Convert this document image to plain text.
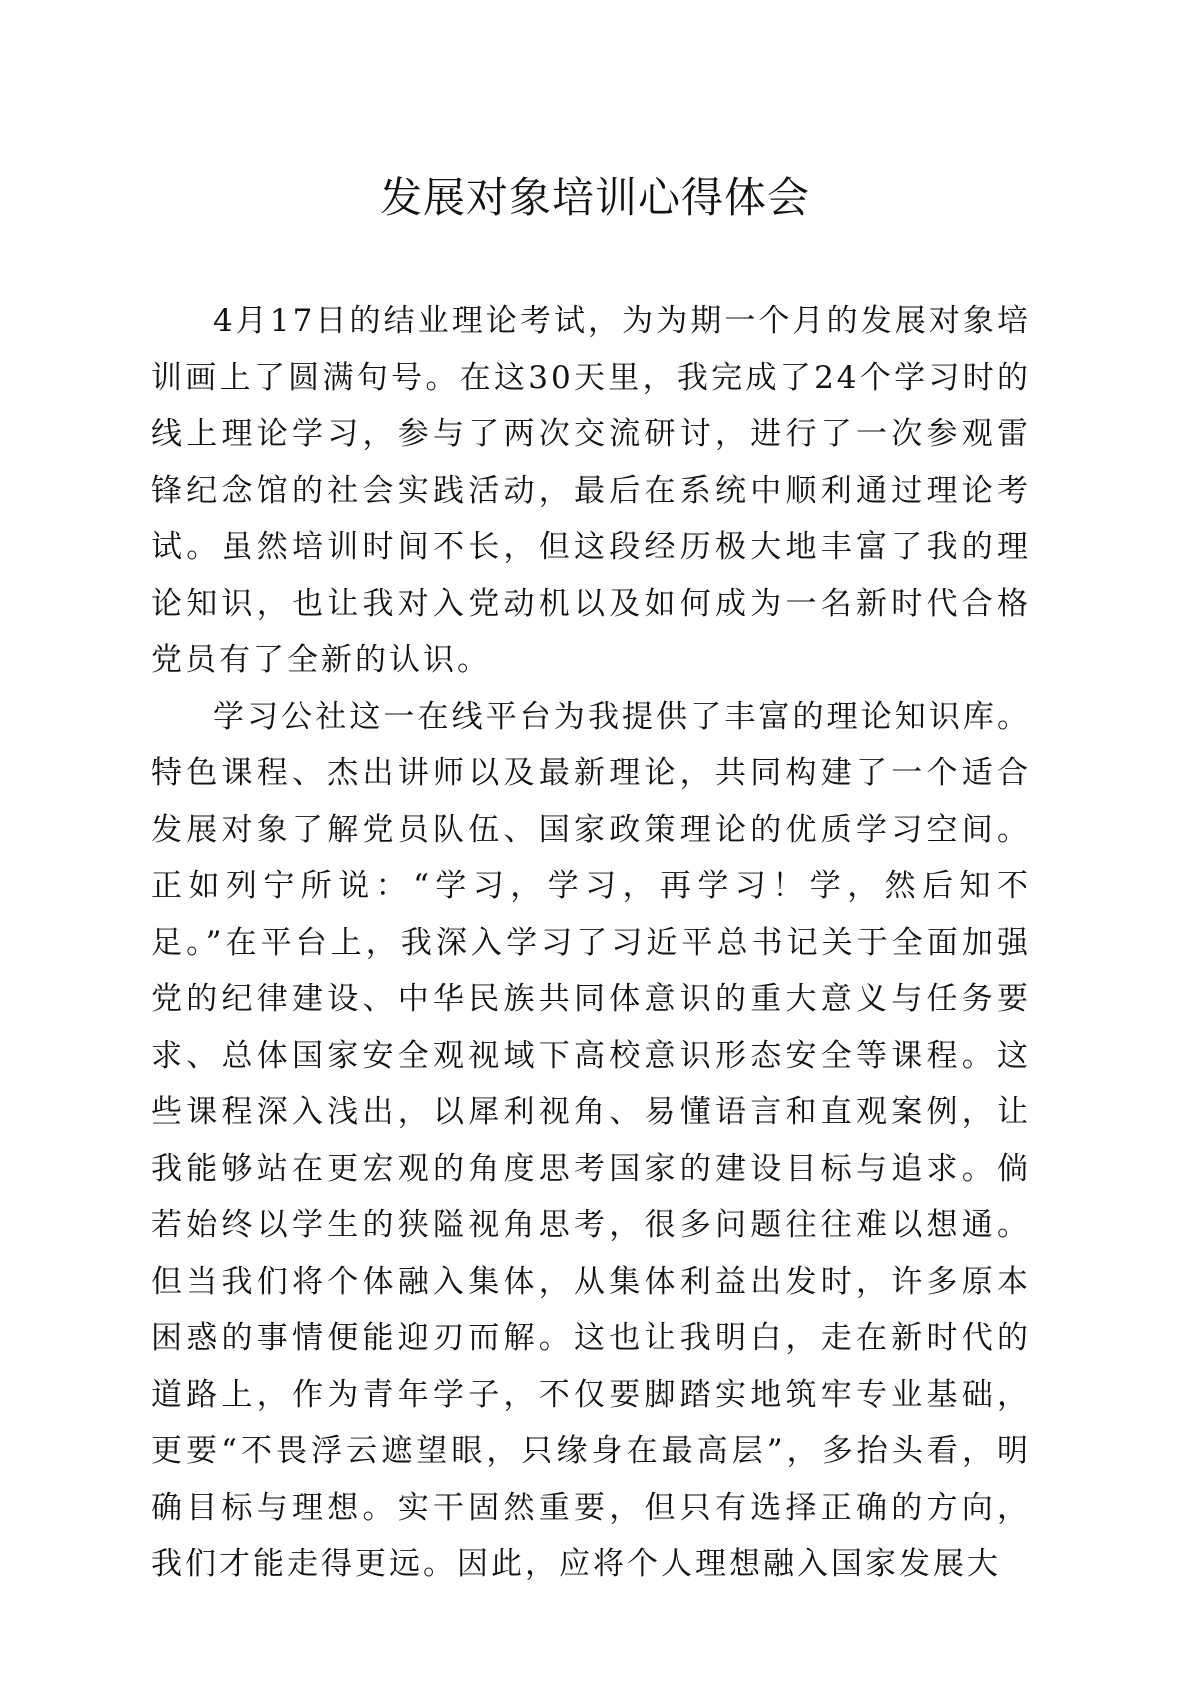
发展对象培训心得体会

4月17日的结业理论考试，为为期一个月的发展对象培训画上了圆满句号。在这30天里，我完成了24个学习时的线上理论学习，参与了两次交流研讨，进行了一次参观雷锋纪念馆的社会实践活动，最后在系统中顺利通过理论考试。虽然培训时间不长，但这段经历极大地丰富了我的理论知识，也让我对入党动机以及如何成为一名新时代合格党员有了全新的认识。

学习公社这一在线平台为我提供了丰富的理论知识库。特色课程、杰出讲师以及最新理论，共同构建了一个适合发展对象了解党员队伍、国家政策理论的优质学习空间。正如列宁所说：“学习，学习，再学习！学，然后知不足。”在平台上，我深入学习了习近平总书记关于全面加强党的纪律建设、中华民族共同体意识的重大意义与任务要求、总体国家安全观视域下高校意识形态安全等课程。这些课程深入浅出，以犀利视角、易懂语言和直观案例，让我能够站在更宏观的角度思考国家的建设目标与追求。倘若始终以学生的狭隘视角思考，很多问题往往难以想通。但当我们将个体融入集体，从集体利益出发时，许多原本困惑的事情便能迎刃而解。这也让我明白，走在新时代的道路上，作为青年学子，不仅要脚踏实地筑牢专业基础，更要“不畏浮云遮望眼，只缘身在最高层”，多抬头看，明确目标与理想。实干固然重要，但只有选择正确的方向，我们才能走得更远。因此，应将个人理想融入国家发展大
